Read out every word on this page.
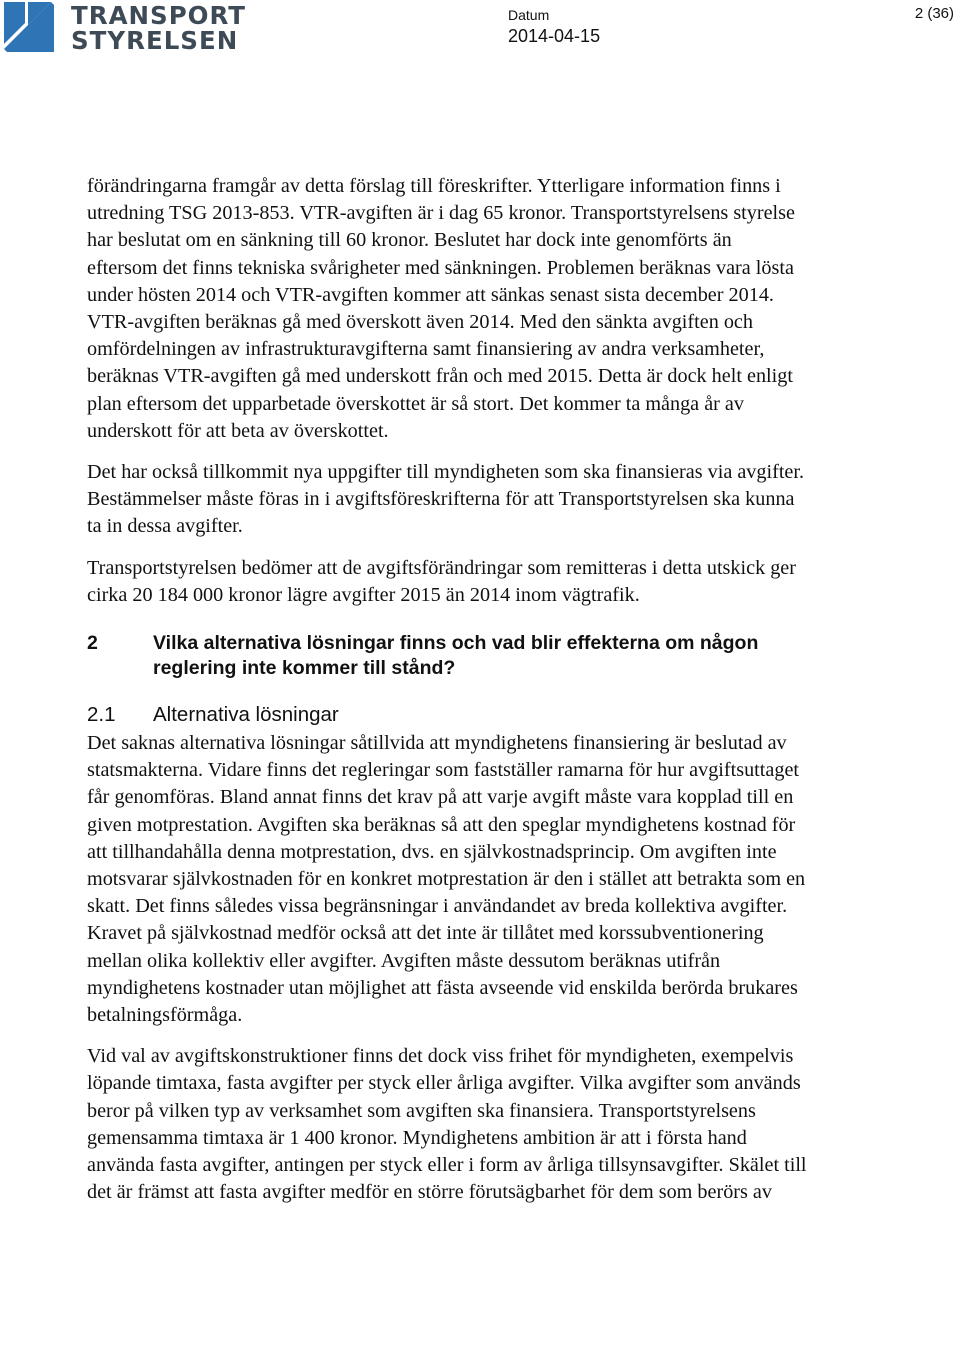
TRANSPORT
STYRELSEN
Datum
2014-04-15
2 (36)

förändringarna framgår av detta förslag till föreskrifter. Ytterligare information finns i utredning TSG 2013-853. VTR-avgiften är i dag 65 kronor. Transportstyrelsens styrelse har beslutat om en sänkning till 60 kronor. Beslutet har dock inte genomförts än eftersom det finns tekniska svårigheter med sänkningen. Problemen beräknas vara lösta under hösten 2014 och VTR-avgiften kommer att sänkas senast sista december 2014. VTR-avgiften beräknas gå med överskott även 2014. Med den sänkta avgiften och omfördelningen av infrastrukturavgifterna samt finansiering av andra verksamheter, beräknas VTR-avgiften gå med underskott från och med 2015. Detta är dock helt enligt plan eftersom det upparbetade överskottet är så stort. Det kommer ta många år av underskott för att beta av överskottet.

Det har också tillkommit nya uppgifter till myndigheten som ska finansieras via avgifter. Bestämmelser måste föras in i avgiftsföreskrifterna för att Transportstyrelsen ska kunna ta in dessa avgifter.

Transportstyrelsen bedömer att de avgiftsförändringar som remitteras i detta utskick ger cirka 20 184 000 kronor lägre avgifter 2015 än 2014 inom vägtrafik.

2	Vilka alternativa lösningar finns och vad blir effekterna om någon reglering inte kommer till stånd?
2.1	Alternativa lösningar

Det saknas alternativa lösningar såtillvida att myndighetens finansiering är beslutad av statsmakterna. Vidare finns det regleringar som fastställer ramarna för hur avgiftsuttaget får genomföras. Bland annat finns det krav på att varje avgift måste vara kopplad till en given motprestation. Avgiften ska beräknas så att den speglar myndighetens kostnad för att tillhandahålla denna motprestation, dvs. en självkostnadsprincip. Om avgiften inte motsvarar självkostnaden för en konkret motprestation är den i stället att betrakta som en skatt. Det finns således vissa begränsningar i användandet av breda kollektiva avgifter. Kravet på självkostnad medför också att det inte är tillåtet med korssubventionering mellan olika kollektiv eller avgifter. Avgiften måste dessutom beräknas utifrån myndighetens kostnader utan möjlighet att fästa avseende vid enskilda berörda brukares betalningsförmåga.

Vid val av avgiftskonstruktioner finns det dock viss frihet för myndigheten, exempelvis löpande timtaxa, fasta avgifter per styck eller årliga avgifter. Vilka avgifter som används beror på vilken typ av verksamhet som avgiften ska finansiera. Transportstyrelsens gemensamma timtaxa är 1 400 kronor. Myndighetens ambition är att i första hand använda fasta avgifter, antingen per styck eller i form av årliga tillsynsavgifter. Skälet till det är främst att fasta avgifter medför en större förutsägbarhet för dem som berörs av
